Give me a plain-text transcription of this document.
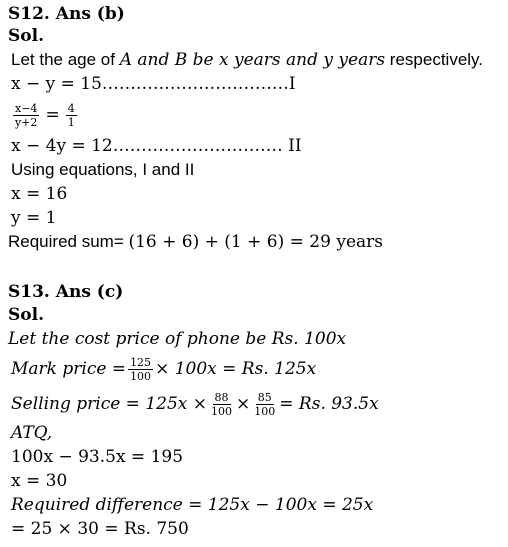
S12. Ans (b)
Sol.
Let the age of A and B be x years and y years respectively.
x − y = 15……………………………I
$\frac{x-4}{y+2} = \frac{4}{1}$
x − 4y = 12………………………… II
Using equations, I and II
x = 16
y = 1
Required sum= (16 + 6) + (1 + 6) = 29 years
S13. Ans (c)
Sol.
Let the cost price of phone be Rs. 100x
Mark price = $\frac{125}{100} \times 100x = Rs$. 125x
Selling price = $125x \times \frac{88}{100} \times \frac{85}{100} = Rs$. 93.5x
ATQ,
100x − 93.5x = 195
x = 30
Required difference = 125x − 100x = 25x
= 25 × 30 = Rs. 750
